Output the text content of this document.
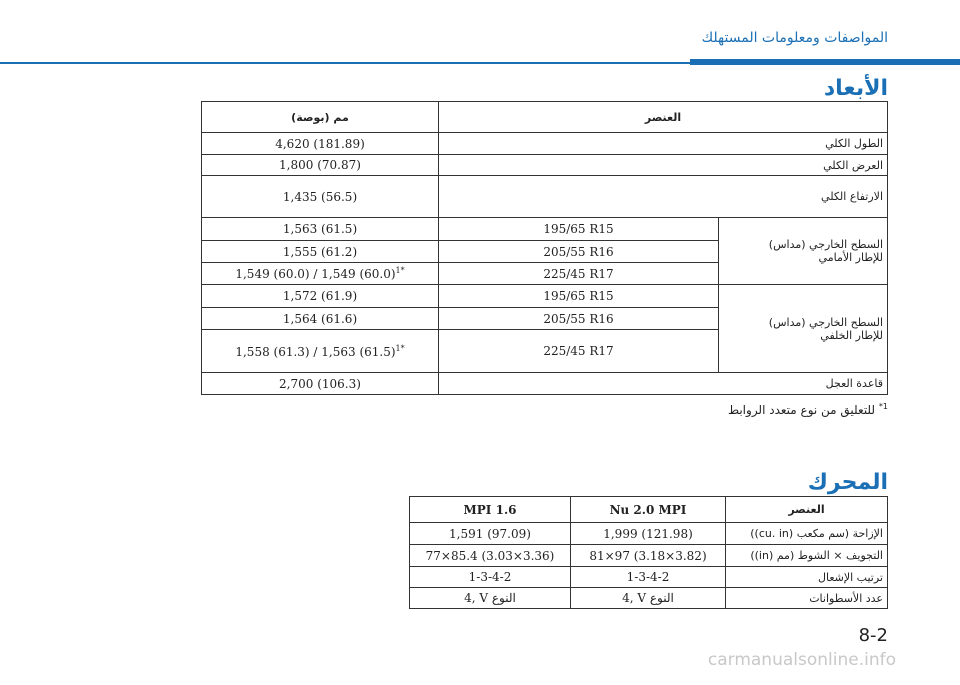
المواصفات ومعلومات المستهلك
الأبعاد
مم (بوصة)	العنصر	
4,620 (181.89)	الطول الكلي	
1,800 (70.87)	العرض الكلي	
1,435 (56.5)	الارتفاع الكلي	
1,563 (61.5)	195/65 R15	السطح الخارجي (مداس)
للإطار الأمامي

1,555 (61.2)	205/55 R16	
1,549 (60.0) / 1,549 $(60.0)^{1*}$	225/45 R17	
1,572 (61.9)	195/65 R15	السطح الخارجي (مداس)
للإطار الخلفي

1,564 (61.6)	205/55 R16	
1,558 (61.3) / 1,563 $(61.5)^{1*}$	225/45 R17	
2,700 (106.3)	قاعدة العجل	
$^{1*}$ للتعليق من نوع متعدد الروابط
المحرك
MPI 1.6	Nu 2.0 MPI	العنصر
1,591 (97.09)	1,999 (121.98)	الإزاحة (سم مكعب (cu. in))
77×85.4 (3.03×3.36)	81×97 (3.18×3.82)	التجويف × الشوط (مم (in))
1-3-4-2	1-3-4-2	ترتيب الإشعال
4, V النوع	4, V النوع	عدد الأسطوانات
8-2
carmanualsonline.info
